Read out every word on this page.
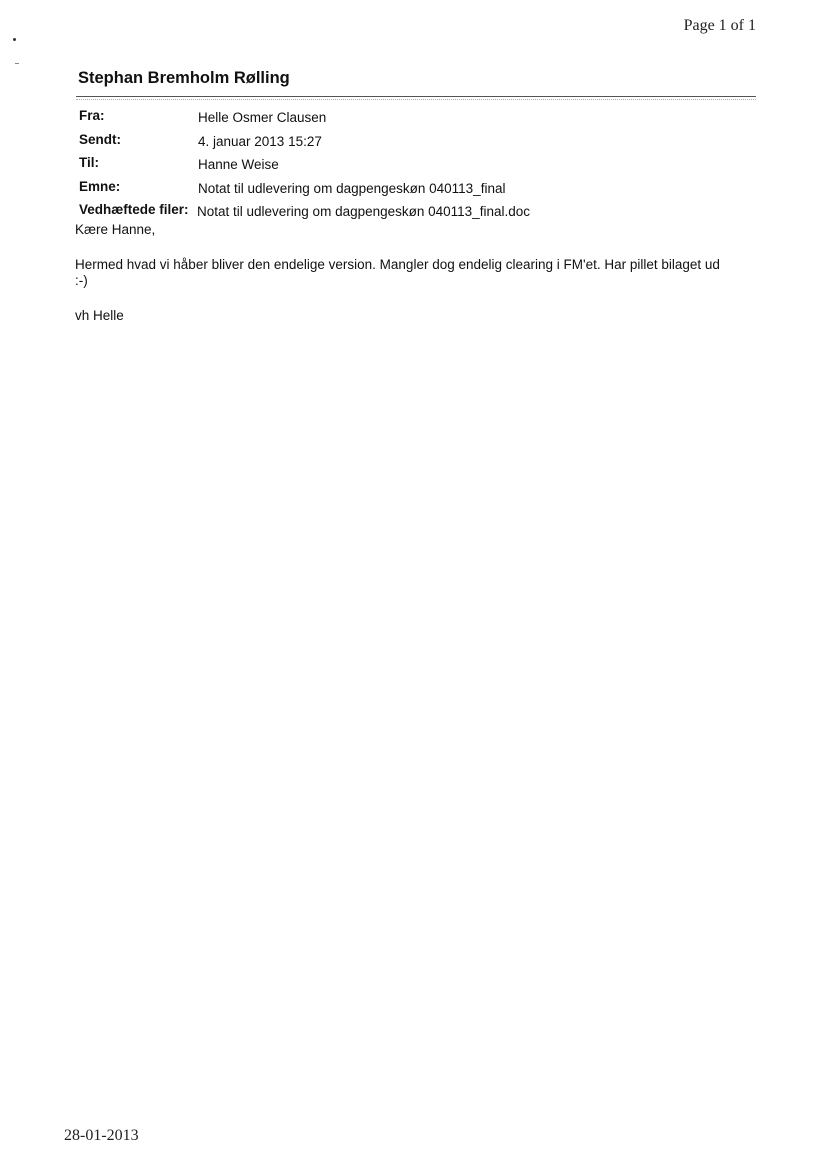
Page 1 of 1
Stephan Bremholm Rølling
Fra:	Helle Osmer Clausen
Sendt:	4. januar 2013 15:27
Til:	Hanne Weise
Emne:	Notat til udlevering om dagpengeskøn 040113_final
Vedhæftede filer: Notat til udlevering om dagpengeskøn 040113_final.doc

Kære Hanne,

Hermed hvad vi håber bliver den endelige version. Mangler dog endelig clearing i FM'et. Har pillet bilaget ud :-)

vh Helle

28-01-2013
